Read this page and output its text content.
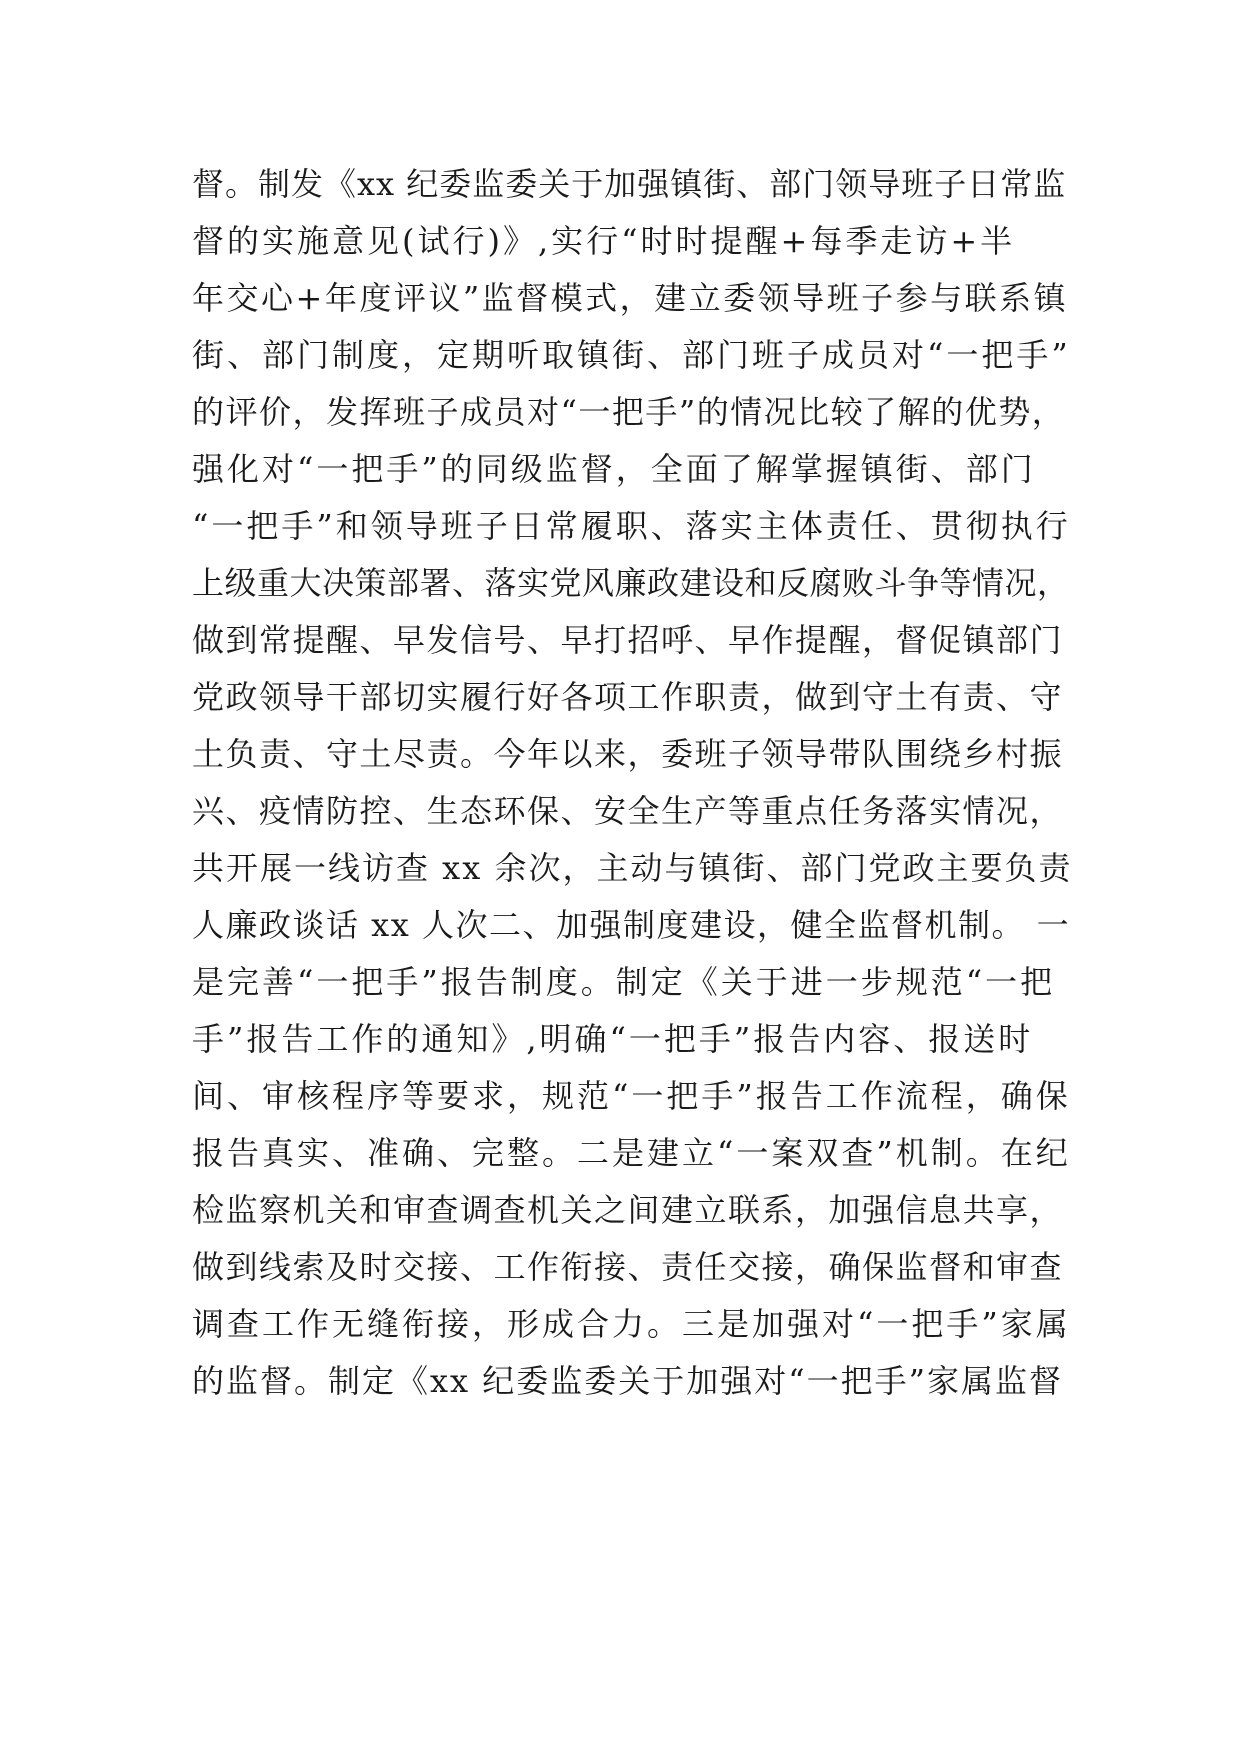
督。制发《xx 纪委监委关于加强镇街、部门领导班子日常监
督的实施意见(试行)》,实行“时时提醒+每季走访+半
年交心+年度评议”监督模式，建立委领导班子参与联系镇
街、部门制度，定期听取镇街、部门班子成员对“一把手”
的评价，发挥班子成员对“一把手”的情况比较了解的优势，
强化对“一把手”的同级监督，全面了解掌握镇街、部门
“一把手”和领导班子日常履职、落实主体责任、贯彻执行
上级重大决策部署、落实党风廉政建设和反腐败斗争等情况，
做到常提醒、早发信号、早打招呼、早作提醒，督促镇部门
党政领导干部切实履行好各项工作职责，做到守土有责、守
土负责、守土尽责。今年以来，委班子领导带队围绕乡村振
兴、疫情防控、生态环保、安全生产等重点任务落实情况，
共开展一线访查 xx 余次，主动与镇街、部门党政主要负责
人廉政谈话 xx 人次二、加强制度建设，健全监督机制。 一
是完善“一把手”报告制度。制定《关于进一步规范“一把
手”报告工作的通知》,明确“一把手”报告内容、报送时
间、审核程序等要求，规范“一把手”报告工作流程，确保
报告真实、准确、完整。二是建立“一案双查”机制。在纪
检监察机关和审查调查机关之间建立联系，加强信息共享，
做到线索及时交接、工作衔接、责任交接，确保监督和审查
调查工作无缝衔接，形成合力。三是加强对“一把手”家属
的监督。制定《xx 纪委监委关于加强对“一把手”家属监督
